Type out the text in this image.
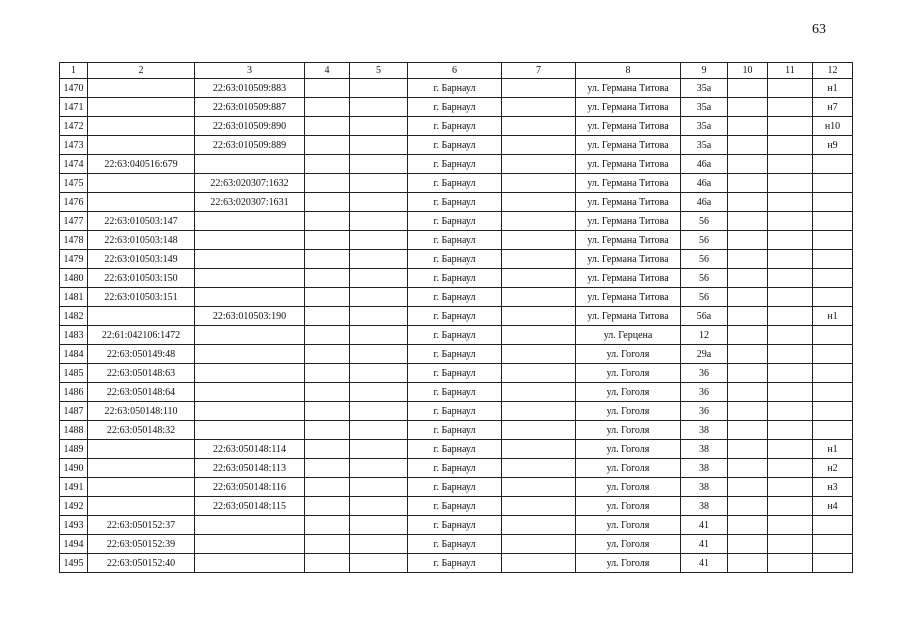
63
1	2	3	4	5	6	7	8	9	10	11	12
1470		22:63:010509:883			г. Барнаул		ул. Германа Титова	35а			н1
1471		22:63:010509:887			г. Барнаул		ул. Германа Титова	35а			н7
1472		22:63:010509:890			г. Барнаул		ул. Германа Титова	35а			н10
1473		22:63:010509:889			г. Барнаул		ул. Германа Титова	35а			н9
1474	22:63:040516:679				г. Барнаул		ул. Германа Титова	46а			
1475		22:63:020307:1632			г. Барнаул		ул. Германа Титова	46а			
1476		22:63:020307:1631			г. Барнаул		ул. Германа Титова	46а			
1477	22:63:010503:147				г. Барнаул		ул. Германа Титова	56			
1478	22:63:010503:148				г. Барнаул		ул. Германа Титова	56			
1479	22:63:010503:149				г. Барнаул		ул. Германа Титова	56			
1480	22:63:010503:150				г. Барнаул		ул. Германа Титова	56			
1481	22:63:010503:151				г. Барнаул		ул. Германа Титова	56			
1482		22:63:010503:190			г. Барнаул		ул. Германа Титова	56а			н1
1483	22:61:042106:1472				г. Барнаул		ул. Герцена	12			
1484	22:63:050149:48				г. Барнаул		ул. Гоголя	29а			
1485	22:63:050148:63				г. Барнаул		ул. Гоголя	36			
1486	22:63:050148:64				г. Барнаул		ул. Гоголя	36			
1487	22:63:050148:110				г. Барнаул		ул. Гоголя	36			
1488	22:63:050148:32				г. Барнаул		ул. Гоголя	38			
1489		22:63:050148:114			г. Барнаул		ул. Гоголя	38			н1
1490		22:63:050148:113			г. Барнаул		ул. Гоголя	38			н2
1491		22:63:050148:116			г. Барнаул		ул. Гоголя	38			н3
1492		22:63:050148:115			г. Барнаул		ул. Гоголя	38			н4
1493	22:63:050152:37				г. Барнаул		ул. Гоголя	41			
1494	22:63:050152:39				г. Барнаул		ул. Гоголя	41			
1495	22:63:050152:40				г. Барнаул		ул. Гоголя	41			
